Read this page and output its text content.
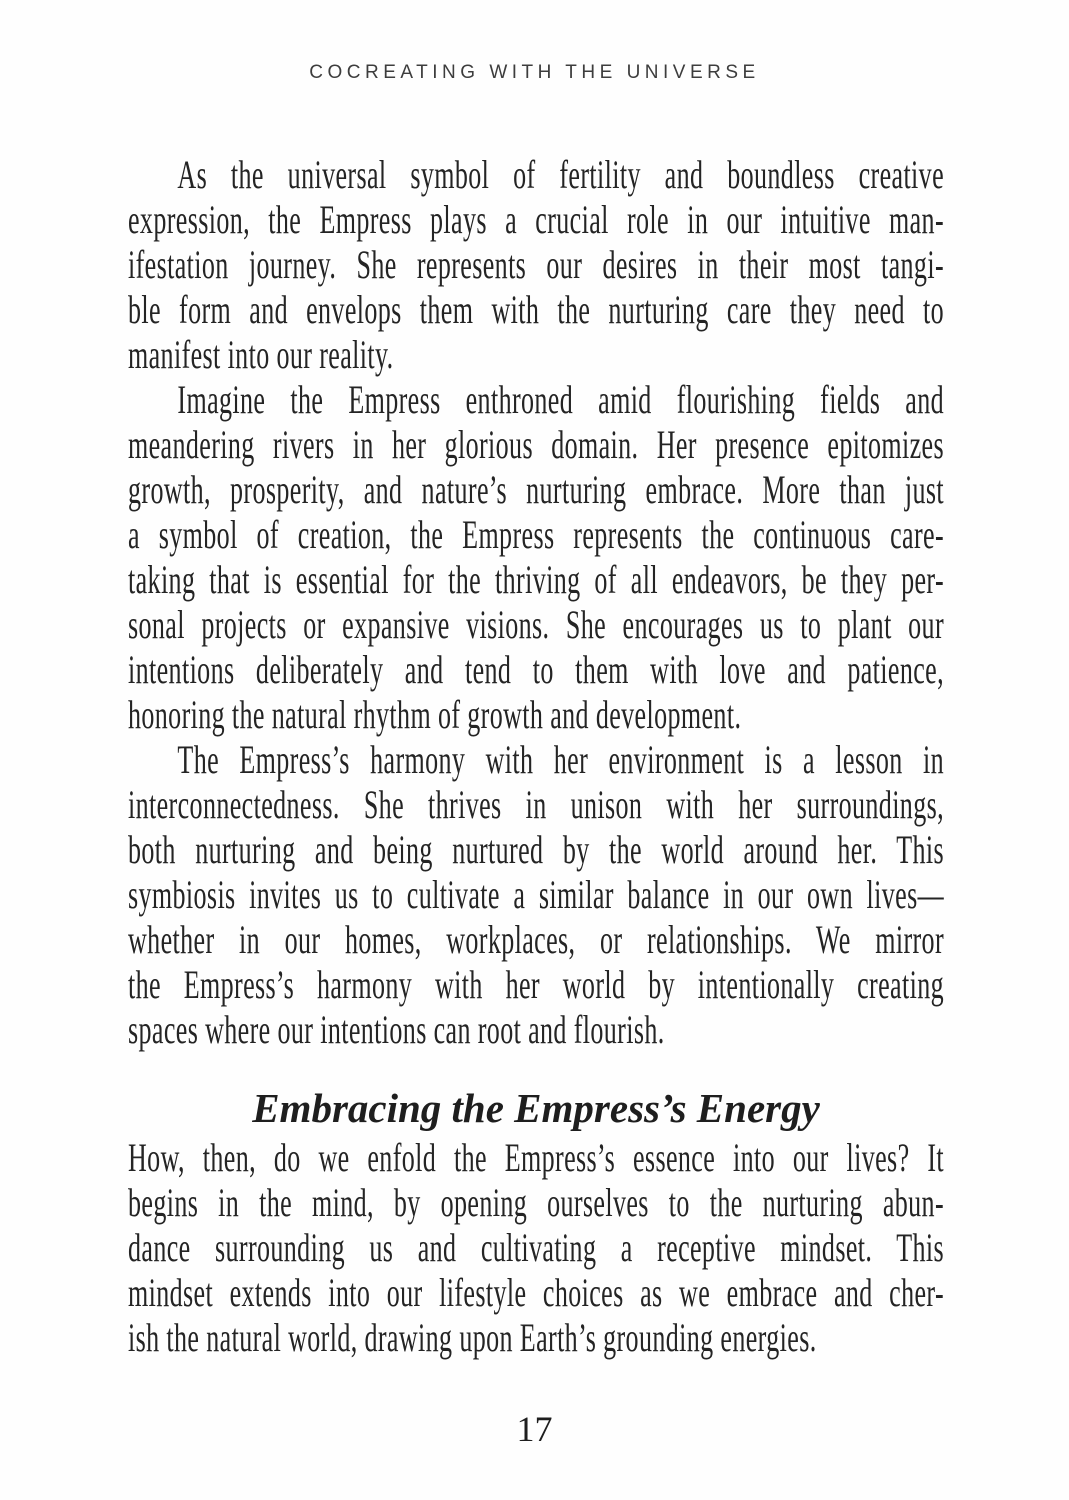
COCREATING WITH THE UNIVERSE
As the universal symbol of fertility and boundless creative
expression, the Empress plays a crucial role in our intuitive man-
ifestation journey. She represents our desires in their most tangi-
ble form and envelops them with the nurturing care they need to
manifest into our reality.
Imagine the Empress enthroned amid flourishing fields and
meandering rivers in her glorious domain. Her presence epitomizes
growth, prosperity, and nature’s nurturing embrace. More than just
a symbol of creation, the Empress represents the continuous care-
taking that is essential for the thriving of all endeavors, be they per-
sonal projects or expansive visions. She encourages us to plant our
intentions deliberately and tend to them with love and patience,
honoring the natural rhythm of growth and development.
The Empress’s harmony with her environment is a lesson in
interconnectedness. She thrives in unison with her surroundings,
both nurturing and being nurtured by the world around her. This
symbiosis invites us to cultivate a similar balance in our own lives—
whether in our homes, workplaces, or relationships. We mirror
the Empress’s harmony with her world by intentionally creating
spaces where our intentions can root and flourish.
Embracing the Empress’s Energy
How, then, do we enfold the Empress’s essence into our lives? It
begins in the mind, by opening ourselves to the nurturing abun-
dance surrounding us and cultivating a receptive mindset. This
mindset extends into our lifestyle choices as we embrace and cher-
ish the natural world, drawing upon Earth’s grounding energies.
17
